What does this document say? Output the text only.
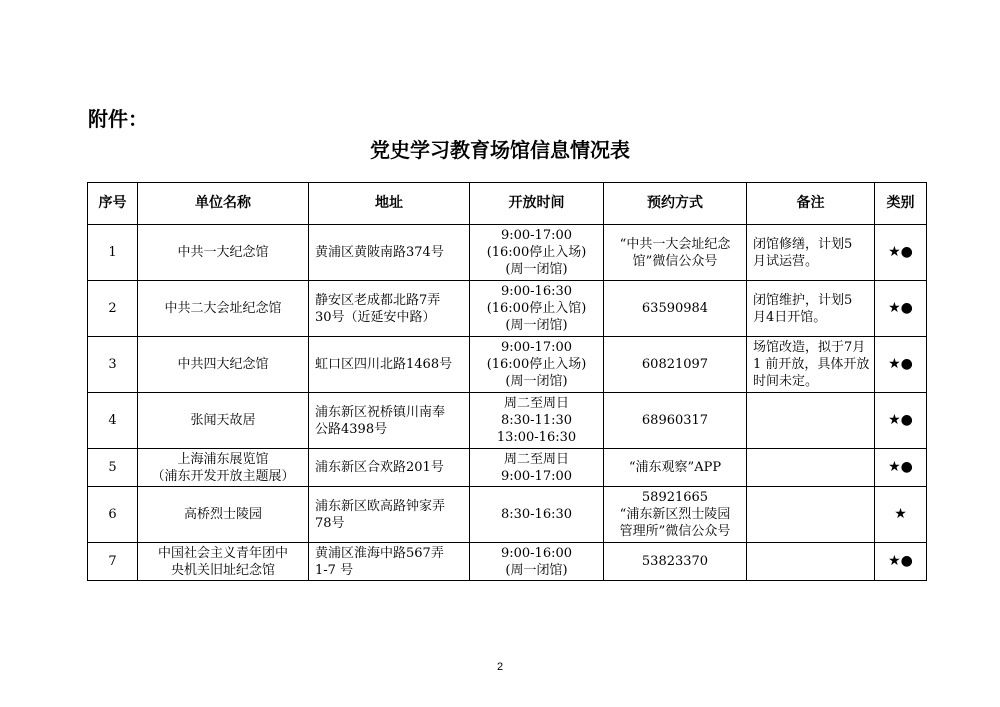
附件：
党史学习教育场馆信息情况表
序号	单位名称	地址	开放时间	预约方式	备注	类别
1	中共一大纪念馆	黄浦区黄陂南路374号	9:00-17:00
(16:00停止入场)
(周一闭馆)	“中共一大会址纪念
馆”微信公众号	闭馆修缮，计划5
月试运营。	★●
2	中共二大会址纪念馆	静安区老成都北路7弄
30号（近延安中路）	9:00-16:30
(16:00停止入馆)
(周一闭馆)	63590984	闭馆维护，计划5
月4日开馆。	★●
3	中共四大纪念馆	虹口区四川北路1468号	9:00-17:00
(16:00停止入场)
(周一闭馆)	60821097	场馆改造，拟于7月
1 前开放，具体开放
时间未定。	★●
4	张闻天故居	浦东新区祝桥镇川南奉
公路4398号	周二至周日
8:30-11:30
13:00-16:30	68960317		★●
5	上海浦东展览馆
（浦东开发开放主题展）	浦东新区合欢路201号	周二至周日
9:00-17:00	“浦东观察”APP		★●
6	高桥烈士陵园	浦东新区欧高路钟家弄
78号	8:30-16:30	58921665
“浦东新区烈士陵园
管理所”微信公众号		★
7	中国社会主义青年团中
央机关旧址纪念馆	黄浦区淮海中路567弄
1-7 号	9:00-16:00
(周一闭馆)	53823370		★●
2
